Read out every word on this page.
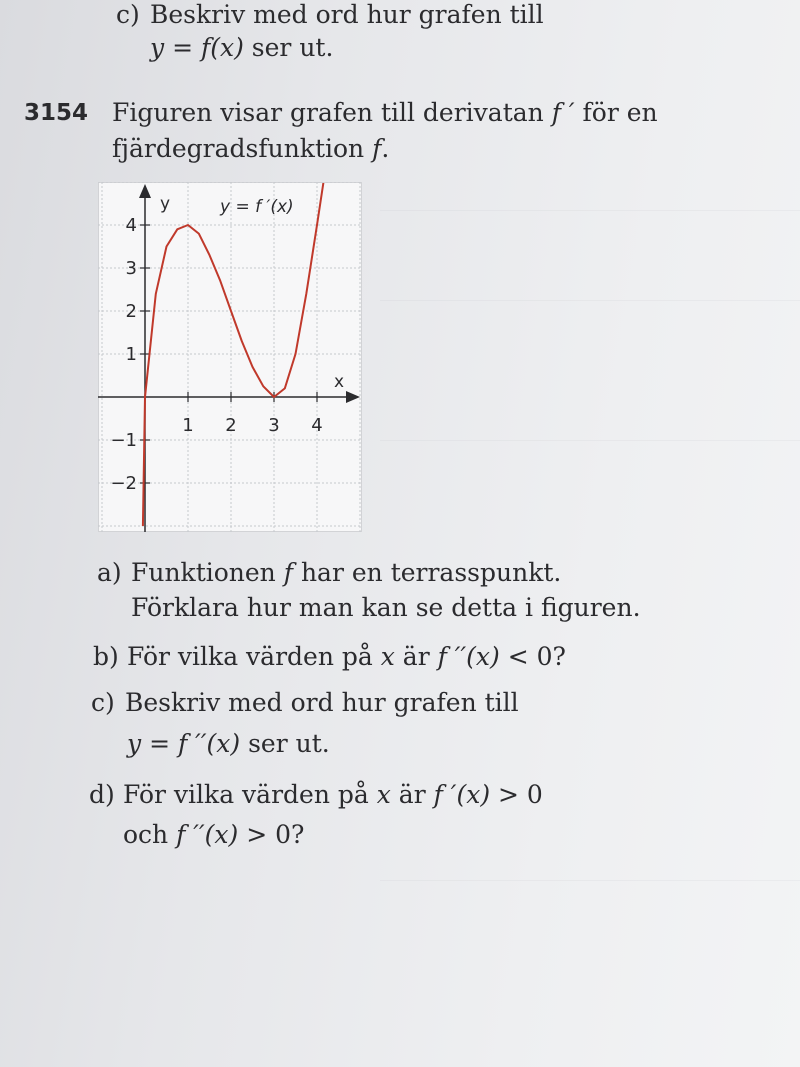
c) Beskriv med ord hur grafen till
y = f(x) ser ut.
3154 Figuren visar grafen till derivatan f ′ för en
fjärdegradsfunktion f.
x
y	y = f ′(x)
1 2 3 4
4
3
2
1
−1
−2
a) Funktionen f har en terrasspunkt.
Förklara hur man kan se detta i figuren.
b) För vilka värden på x är f ′′(x) < 0?
c) Beskriv med ord hur grafen till
y = f ′′(x) ser ut.
d) För vilka värden på x är f ′(x) > 0
och f ′′(x) > 0?
